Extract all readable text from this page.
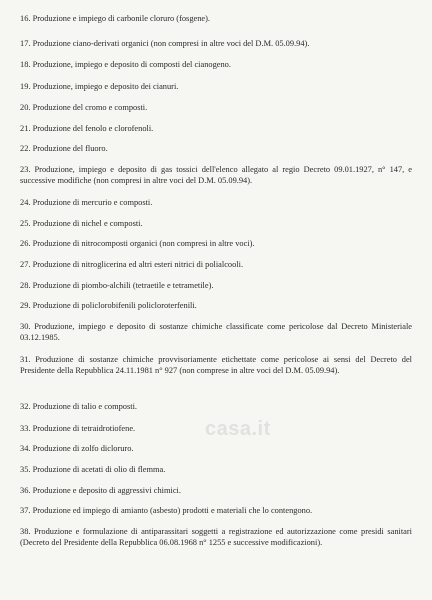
16. Produzione e impiego di carbonile cloruro (fosgene).
17. Produzione ciano-derivati organici (non compresi in altre voci del D.M. 05.09.94).
18. Produzione, impiego e deposito di composti del cianogeno.
19. Produzione, impiego e deposito dei cianuri.
20. Produzione del cromo e composti.
21. Produzione del fenolo e clorofenoli.
22. Produzione del fluoro.
23. Produzione, impiego e deposito di gas tossici dell'elenco allegato al regio Decreto 09.01.1927, n° 147, e successive modifiche (non compresi in altre voci del D.M. 05.09.94).
24. Produzione di mercurio e composti.
25. Produzione di nichel e composti.
26. Produzione di nitrocomposti organici (non compresi in altre voci).
27. Produzione di nitroglicerina ed altri esteri nitrici di polialcooli.
28. Produzione di piombo-alchili (tetraetile e tetrametile).
29. Produzione di policlorobifenili policloroterfenili.
30. Produzione, impiego e deposito di sostanze chimiche classificate come pericolose dal Decreto Ministeriale 03.12.1985.
31. Produzione di sostanze chimiche provvisoriamente etichettate come pericolose ai sensi del Decreto del Presidente della Repubblica 24.11.1981 n° 927 (non comprese in altre voci del D.M. 05.09.94).
32. Produzione di talio e composti.
33. Produzione di tetraidrotiofene.
34. Produzione di zolfo dicloruro.
35. Produzione di acetati di olio di flemma.
36. Produzione e deposito di aggressivi chimici.
37. Produzione ed impiego di amianto (asbesto) prodotti e materiali che lo contengono.
38. Produzione e formulazione di antiparassitari soggetti a registrazione ed autorizzazione come presidi sanitari (Decreto del Presidente della Repubblica 06.08.1968 n° 1255 e successive modificazioni).
casa.it
